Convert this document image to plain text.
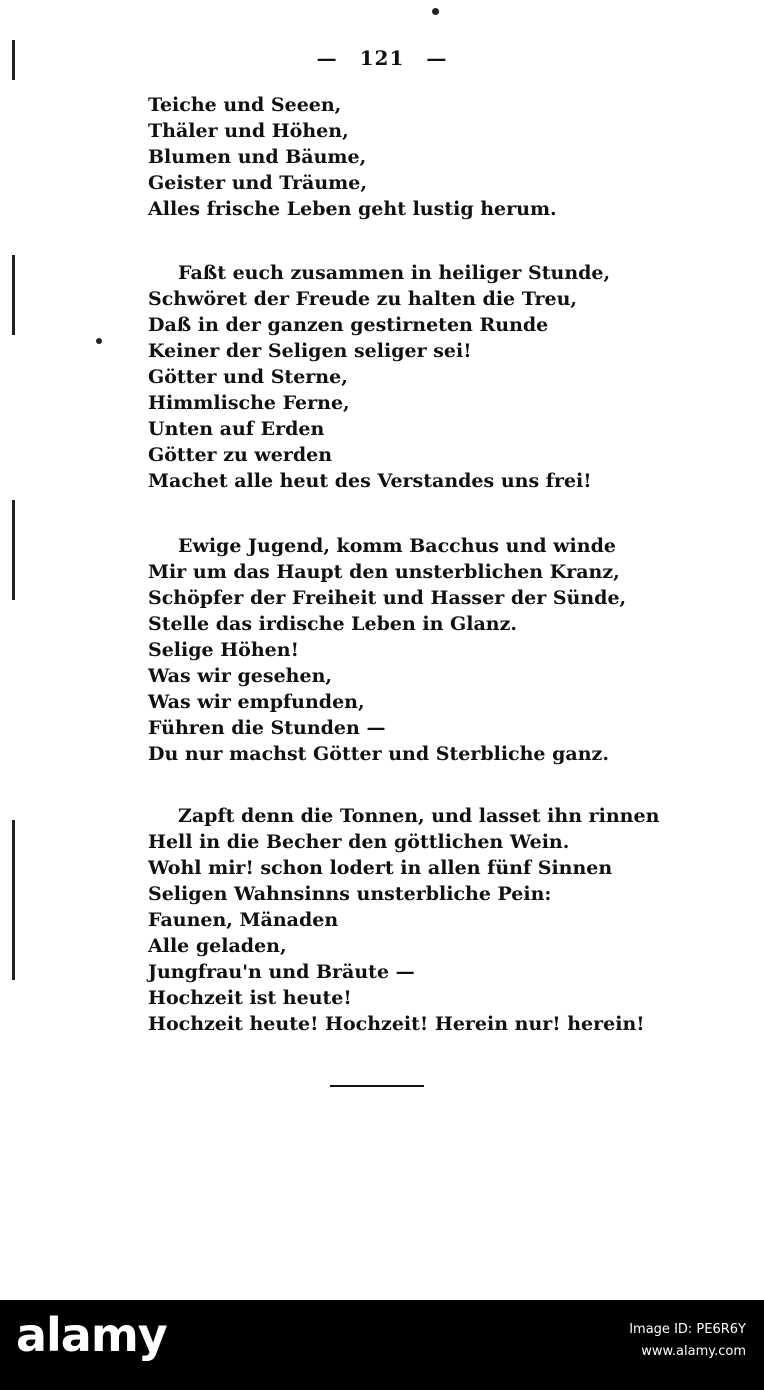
— 121 —
Teiche und Seeen,
Thäler und Höhen,
Blumen und Bäume,
Geister und Träume,
Alles frische Leben geht lustig herum.
Faßt euch zusammen in heiliger Stunde,
Schwöret der Freude zu halten die Treu,
Daß in der ganzen gestirneten Runde
Keiner der Seligen seliger sei!
Götter und Sterne,
Himmlische Ferne,
Unten auf Erden
Götter zu werden
Machet alle heut des Verstandes uns frei!
Ewige Jugend, komm Bacchus und winde
Mir um das Haupt den unsterblichen Kranz,
Schöpfer der Freiheit und Hasser der Sünde,
Stelle das irdische Leben in Glanz.
Selige Höhen!
Was wir gesehen,
Was wir empfunden,
Führen die Stunden —
Du nur machst Götter und Sterbliche ganz.
Zapft denn die Tonnen, und lasset ihn rinnen
Hell in die Becher den göttlichen Wein.
Wohl mir! schon lodert in allen fünf Sinnen
Seligen Wahnsinns unsterbliche Pein:
Faunen, Mänaden
Alle geladen,
Jungfrau'n und Bräute —
Hochzeit ist heute!
Hochzeit heute! Hochzeit! Herein nur! herein!
alamy	Image ID: PE6R6Y
www.alamy.com
